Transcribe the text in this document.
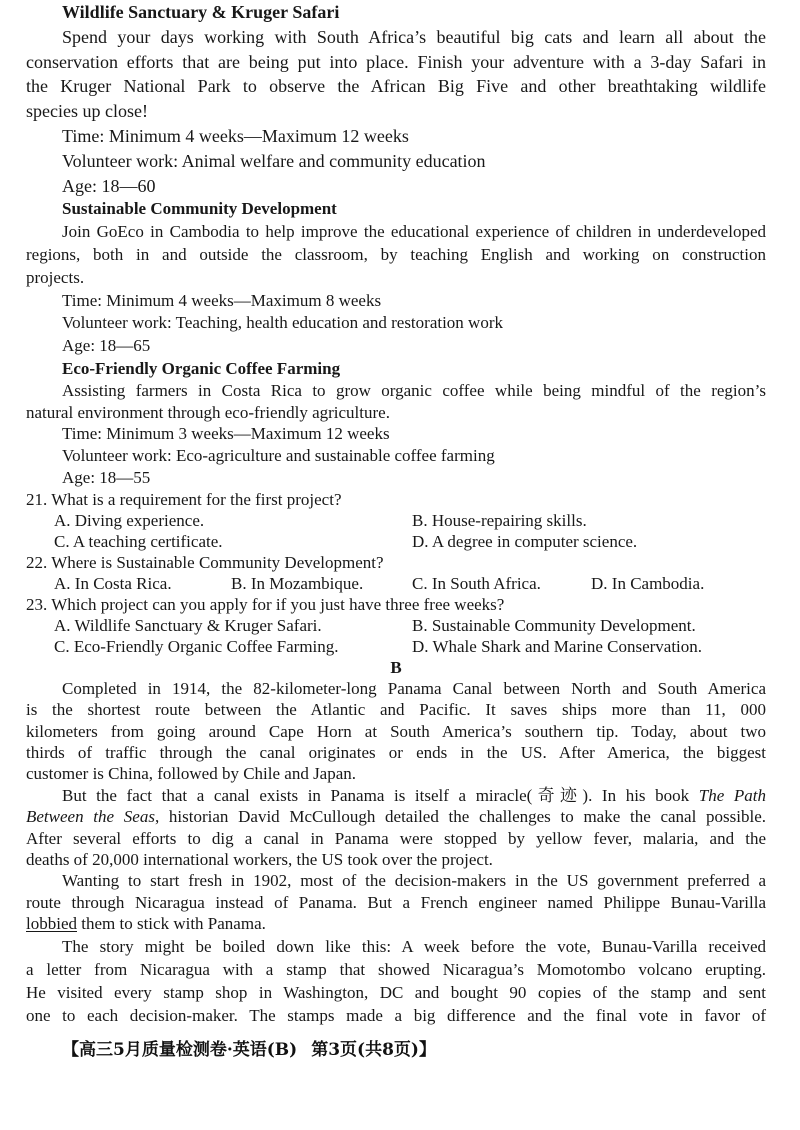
Wildlife Sanctuary & Kruger Safari
Spend your days working with South Africa’s beautiful big cats and learn all about the
conservation efforts that are being put into place. Finish your adventure with a 3-day Safari in
the Kruger National Park to observe the African Big Five and other breathtaking wildlife
species up close!
Time: Minimum 4 weeks—Maximum 12 weeks
Volunteer work: Animal welfare and community education
Age: 18—60
Sustainable Community Development
Join GoEco in Cambodia to help improve the educational experience of children in underdeveloped
regions, both in and outside the classroom, by teaching English and working on construction
projects.
Time: Minimum 4 weeks—Maximum 8 weeks
Volunteer work: Teaching, health education and restoration work
Age: 18—65
Eco-Friendly Organic Coffee Farming
Assisting farmers in Costa Rica to grow organic coffee while being mindful of the region’s
natural environment through eco-friendly agriculture.
Time: Minimum 3 weeks—Maximum 12 weeks
Volunteer work: Eco-agriculture and sustainable coffee farming
Age: 18—55
21. What is a requirement for the first project?
A. Diving experience.	B. House-repairing skills.
C. A teaching certificate.	D. A degree in computer science.
22. Where is Sustainable Community Development?
A. In Costa Rica.	B. In Mozambique.	C. In South Africa.	D. In Cambodia.
23. Which project can you apply for if you just have three free weeks?
A. Wildlife Sanctuary & Kruger Safari.	B. Sustainable Community Development.
C. Eco-Friendly Organic Coffee Farming.	D. Whale Shark and Marine Conservation.
B
Completed in 1914, the 82-kilometer-long Panama Canal between North and South America
is the shortest route between the Atlantic and Pacific. It saves ships more than 11, 000
kilometers from going around Cape Horn at South America’s southern tip. Today, about two
thirds of traffic through the canal originates or ends in the US. After America, the biggest
customer is China, followed by Chile and Japan.
But the fact that a canal exists in Panama is itself a miracle(奇迹). In his book The Path
Between the Seas, historian David McCullough detailed the challenges to make the canal possible.
After several efforts to dig a canal in Panama were stopped by yellow fever, malaria, and the
deaths of 20,000 international workers, the US took over the project.
Wanting to start fresh in 1902, most of the decision-makers in the US government preferred a
route through Nicaragua instead of Panama. But a French engineer named Philippe Bunau-Varilla
lobbied them to stick with Panama.
The story might be boiled down like this: A week before the vote, Bunau-Varilla received
a letter from Nicaragua with a stamp that showed Nicaragua’s Momotombo volcano erupting.
He visited every stamp shop in Washington, DC and bought 90 copies of the stamp and sent
one to each decision-maker. The stamps made a big difference and the final vote in favor of
【高三5月质量检测卷·英语(B) 第3页(共8页)】
